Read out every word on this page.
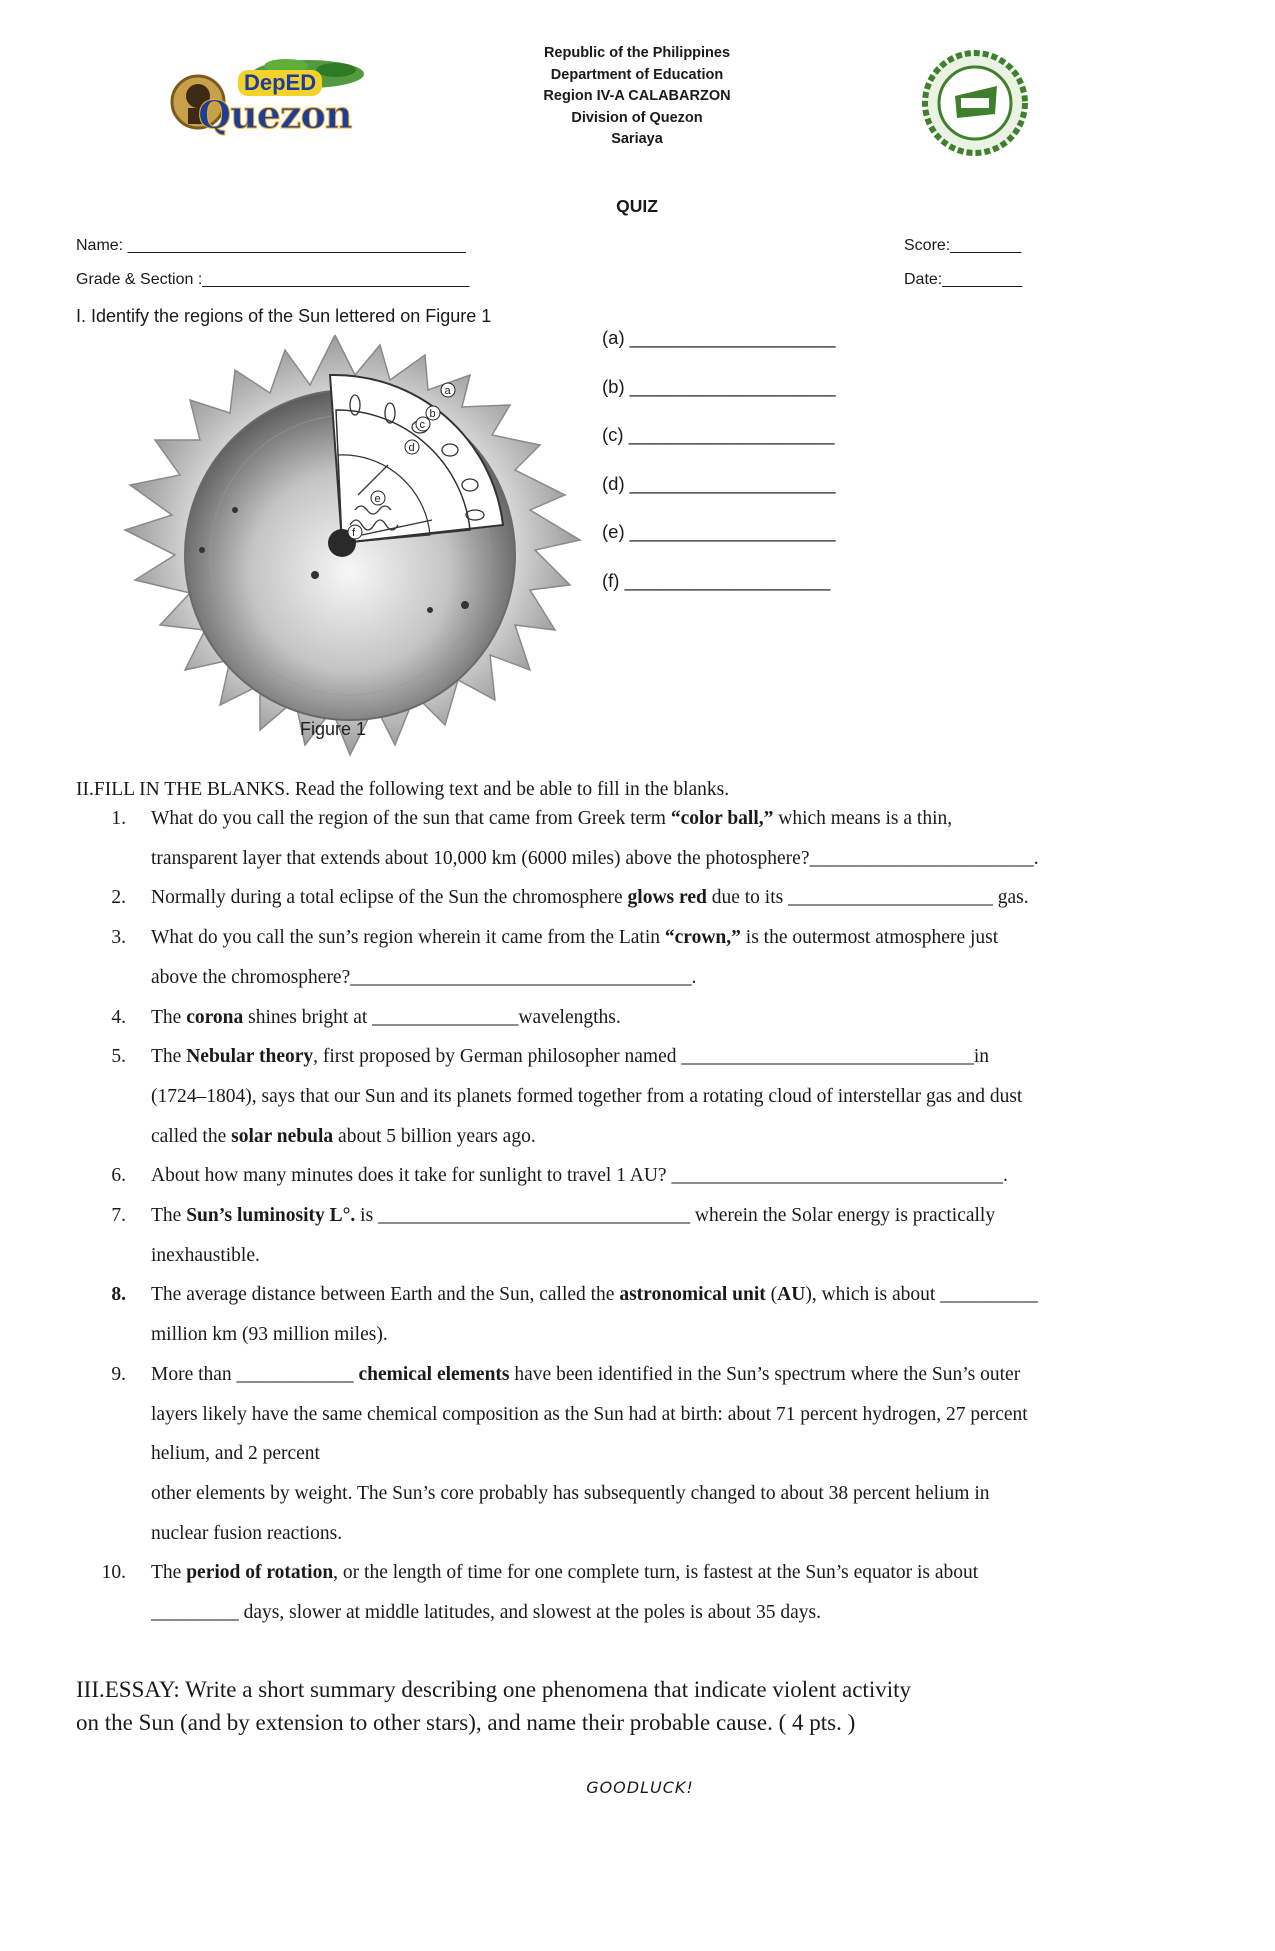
DepED
Quezon
Republic of the Philippines
Department of Education
Region IV-A CALABARZON
Division of Quezon
Sariaya
QUIZ
Name: ______________________________________	Score:________
Grade & Section :______________________________	Date:_________
I. Identify the regions of the Sun lettered on Figure 1
a
b
c
d
e
f
Figure 1
(a) ____________________
(b) ____________________
(c) ____________________
(d) ____________________
(e) ____________________
(f) ____________________
II.FILL IN THE BLANKS. Read the following text and be able to fill in the blanks.
1. What do you call the region of the sun that came from Greek term “color ball,” which means is a thin,
transparent layer that extends about 10,000 km (6000 miles) above the photosphere?_______________________.
2. Normally during a total eclipse of the Sun the chromosphere glows red due to its _____________________ gas.
3. What do you call the sun’s region wherein it came from the Latin “crown,” is the outermost atmosphere just
above the chromosphere?___________________________________.
4. The corona shines bright at _______________wavelengths.
5. The Nebular theory, first proposed by German philosopher named ______________________________in
(1724–1804), says that our Sun and its planets formed together from a rotating cloud of interstellar gas and dust
called the solar nebula about 5 billion years ago.
6. About how many minutes does it take for sunlight to travel 1 AU? __________________________________.
7. The Sun’s luminosity L°. is ________________________________ wherein the Solar energy is practically
inexhaustible.
8. The average distance between Earth and the Sun, called the astronomical unit (AU), which is about __________
million km (93 million miles).
9. More than ____________ chemical elements have been identified in the Sun’s spectrum where the Sun’s outer
layers likely have the same chemical composition as the Sun had at birth: about 71 percent hydrogen, 27 percent
helium, and 2 percent
other elements by weight. The Sun’s core probably has subsequently changed to about 38 percent helium in
nuclear fusion reactions.
10. The period of rotation, or the length of time for one complete turn, is fastest at the Sun’s equator is about
_________ days, slower at middle latitudes, and slowest at the poles is about 35 days.
III.ESSAY: Write a short summary describing one phenomena that indicate violent activity
on the Sun (and by extension to other stars), and name their probable cause. ( 4 pts. )
GOODLUCK!
